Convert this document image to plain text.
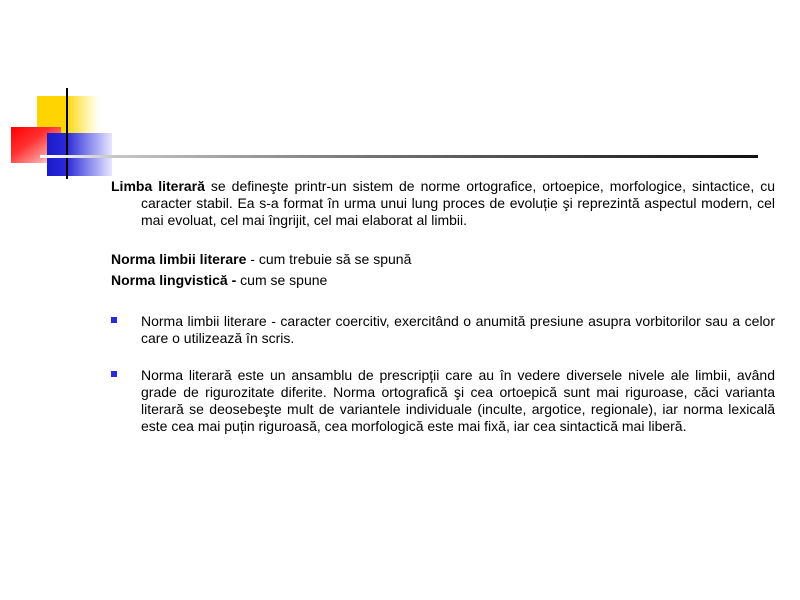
Limba literară se defineşte printr-un sistem de norme ortografice, ortoepice, morfologice, sintactice, cu caracter stabil. Ea s-a format în urma unui lung proces de evoluție şi reprezintă aspectul modern, cel mai evoluat, cel mai îngrijit, cel mai elaborat al limbii.

Norma limbii literare - cum trebuie să se spună

Norma lingvistică - cum se spune

Norma limbii literare - caracter coercitiv, exercitând o anumită presiune asupra vorbitorilor sau a celor care o utilizează în scris.
Norma literară este un ansamblu de prescripții care au în vedere diversele nivele ale limbii, având grade de rigurozitate diferite. Norma ortografică şi cea ortoepică sunt mai riguroase, căci varianta literară se deosebeşte mult de variantele individuale (inculte, argotice, regionale), iar norma lexicală este cea mai puțin riguroasă, cea morfologică este mai fixă, iar cea sintactică mai liberă.
